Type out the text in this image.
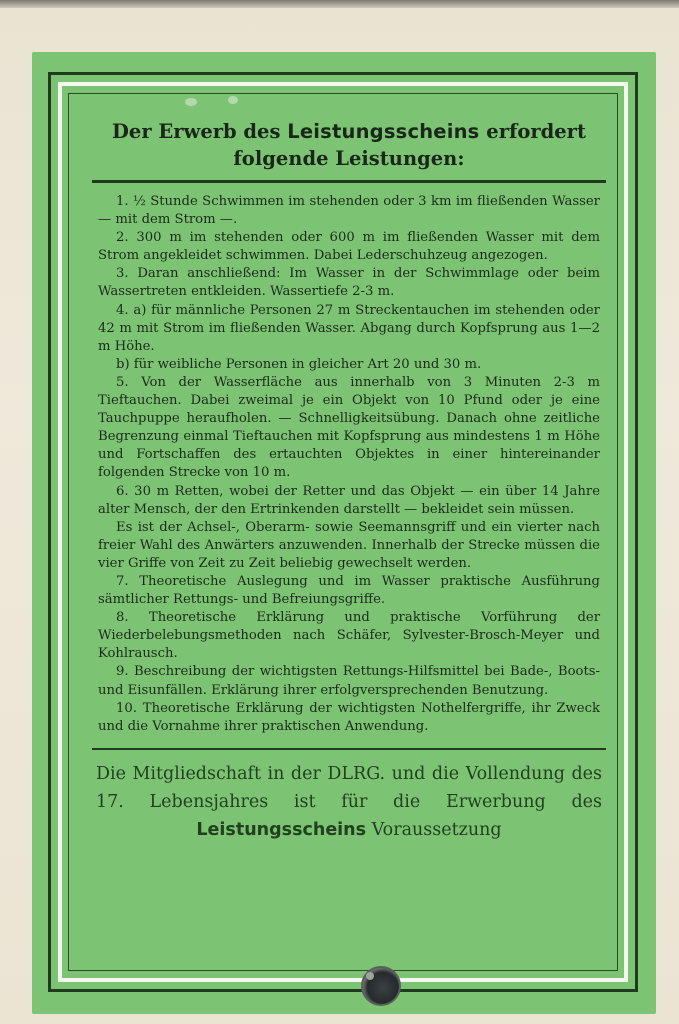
Der Erwerb des Leistungsscheins erfordert
folgende Leistungen:

1. ½ Stunde Schwimmen im stehenden oder 3 km im fließenden Wasser — mit dem Strom —.

2. 300 m im stehenden oder 600 m im fließenden Wasser mit dem Strom angekleidet schwimmen. Dabei Lederschuhzeug angezogen.

3. Daran anschließend: Im Wasser in der Schwimmlage oder beim Wassertreten entkleiden. Wassertiefe 2-3 m.

4. a) für männliche Personen 27 m Streckentauchen im stehenden oder 42 m mit Strom im fließenden Wasser. Abgang durch Kopfsprung aus 1—2 m Höhe.

b) für weibliche Personen in gleicher Art 20 und 30 m.

5. Von der Wasserfläche aus innerhalb von 3 Minuten 2-3 m Tieftauchen. Dabei zweimal je ein Objekt von 10 Pfund oder je eine Tauchpuppe heraufholen. — Schnelligkeitsübung. Danach ohne zeitliche Begrenzung einmal Tieftauchen mit Kopfsprung aus mindestens 1 m Höhe und Fortschaffen des ertauchten Objektes in einer hintereinander folgenden Strecke von 10 m.

6. 30 m Retten, wobei der Retter und das Objekt — ein über 14 Jahre alter Mensch, der den Ertrinkenden darstellt — bekleidet sein müssen.

Es ist der Achsel-, Oberarm- sowie Seemannsgriff und ein vierter nach freier Wahl des Anwärters anzuwenden. Innerhalb der Strecke müssen die vier Griffe von Zeit zu Zeit beliebig gewechselt werden.

7. Theoretische Auslegung und im Wasser praktische Ausführung sämtlicher Rettungs- und Befreiungsgriffe.

8. Theoretische Erklärung und praktische Vorführung der Wiederbelebungsmethoden nach Schäfer, Sylvester-Brosch-Meyer und Kohlrausch.

9. Beschreibung der wichtigsten Rettungs-Hilfsmittel bei Bade-, Boots- und Eisunfällen. Erklärung ihrer erfolgversprechenden Benutzung.

10. Theoretische Erklärung der wichtigsten Nothelfergriffe, ihr Zweck und die Vornahme ihrer praktischen Anwendung.

Die Mitgliedschaft in der DLRG. und die Vollendung des 17. Lebensjahres ist für die Erwerbung des Leistungsscheins Voraussetzung
